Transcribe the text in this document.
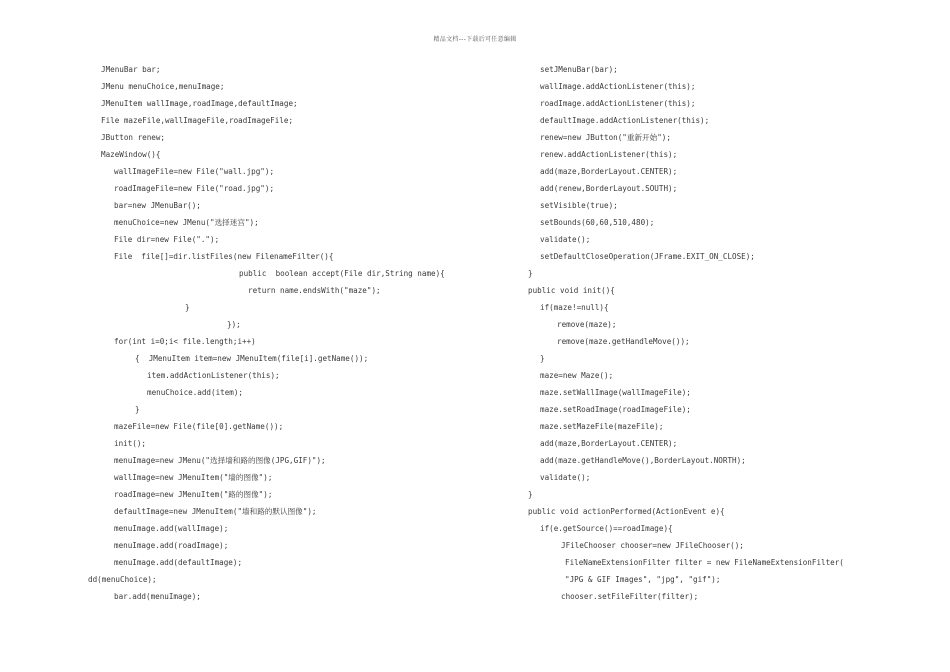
精品文档---下载后可任意编辑
JMenuBar bar;
JMenu menuChoice,menuImage;
JMenuItem wallImage,roadImage,defaultImage;
File mazeFile,wallImageFile,roadImageFile;
JButton renew;
MazeWindow(){
wallImageFile=new File("wall.jpg");
roadImageFile=new File("road.jpg");
bar=new JMenuBar();
menuChoice=new JMenu("选择迷宫");
File dir=new File(".");
File  file[]=dir.listFiles(new FilenameFilter(){
public  boolean accept(File dir,String name){
return name.endsWith("maze");
}
});
for(int i=0;i< file.length;i++)
{  JMenuItem item=new JMenuItem(file[i].getName());
item.addActionListener(this);
menuChoice.add(item);
}
mazeFile=new File(file[0].getName());
init();
menuImage=new JMenu("选择墙和路的图像(JPG,GIF)");
wallImage=new JMenuItem("墙的图像");
roadImage=new JMenuItem("路的图像");
defaultImage=new JMenuItem("墙和路的默认图像");
menuImage.add(wallImage);
menuImage.add(roadImage);
menuImage.add(defaultImage);
dd(menuChoice);
bar.add(menuImage);
setJMenuBar(bar);
wallImage.addActionListener(this);
roadImage.addActionListener(this);
defaultImage.addActionListener(this);
renew=new JButton("重新开始");
renew.addActionListener(this);
add(maze,BorderLayout.CENTER);
add(renew,BorderLayout.SOUTH);
setVisible(true);
setBounds(60,60,510,480);
validate();
setDefaultCloseOperation(JFrame.EXIT_ON_CLOSE);
}
public void init(){
if(maze!=null){
remove(maze);
remove(maze.getHandleMove());
}
maze=new Maze();
maze.setWallImage(wallImageFile);
maze.setRoadImage(roadImageFile);
maze.setMazeFile(mazeFile);
add(maze,BorderLayout.CENTER);
add(maze.getHandleMove(),BorderLayout.NORTH);
validate();
}
public void actionPerformed(ActionEvent e){
if(e.getSource()==roadImage){
JFileChooser chooser=new JFileChooser();
FileNameExtensionFilter filter = new FileNameExtensionFilter(
"JPG & GIF Images", "jpg", "gif");
chooser.setFileFilter(filter);
